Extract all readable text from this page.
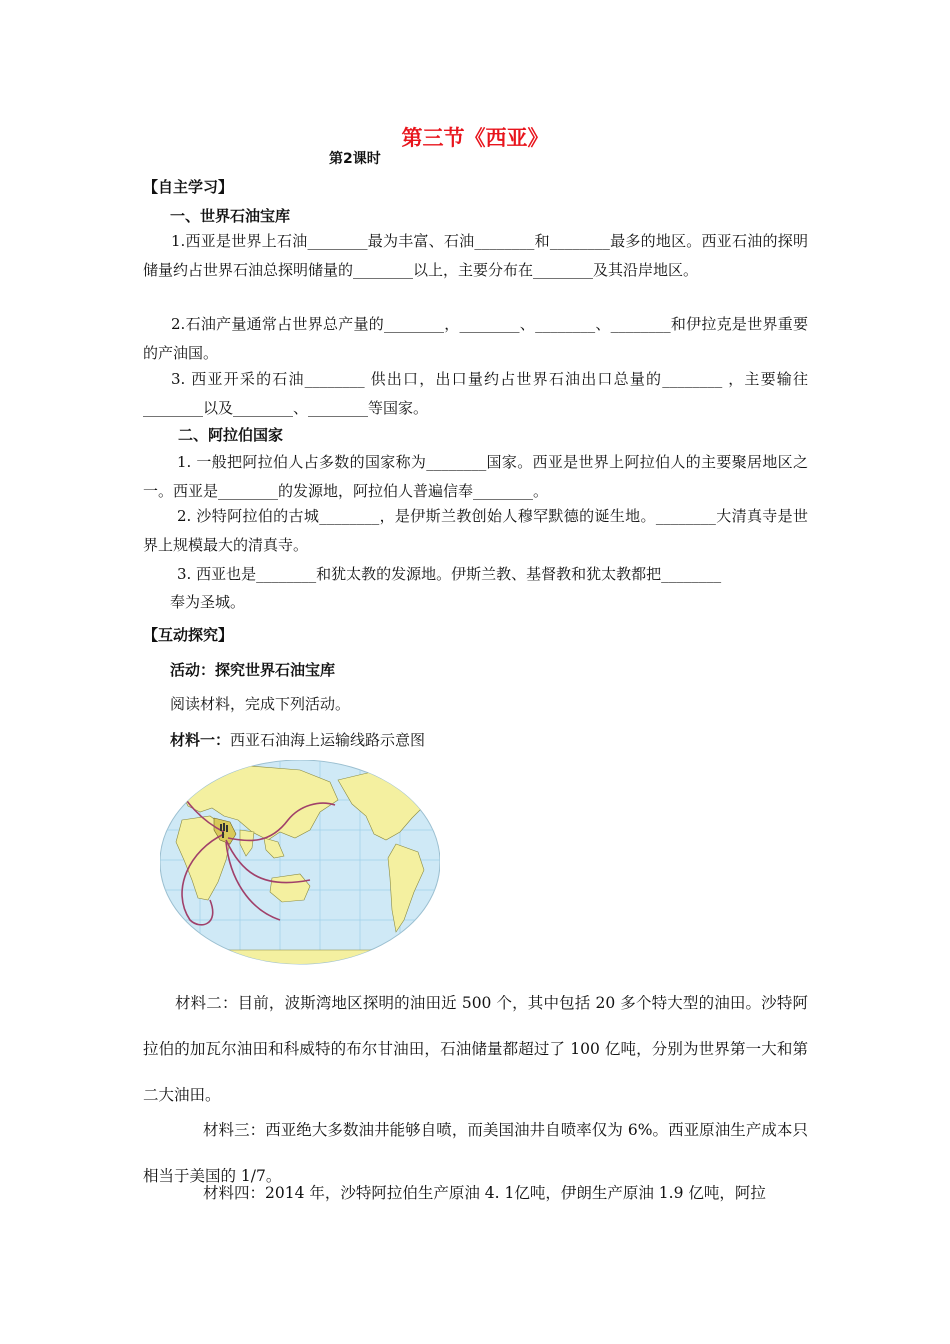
第三节《西亚》
第2课时
【自主学习】
一、世界石油宝库
1.西亚是世界上石油________最为丰富、石油________和________最多的地区。西亚石油的探明储量约占世界石油总探明储量的________以上，主要分布在________及其沿岸地区。
2.石油产量通常占世界总产量的________，________、________、________和伊拉克是世界重要的产油国。
3. 西亚开采的石油________ 供出口，出口量约占世界石油出口总量的________ ，主要输往________以及________、________等国家。
二、阿拉伯国家
1. 一般把阿拉伯人占多数的国家称为________国家。西亚是世界上阿拉伯人的主要聚居地区之一。西亚是________的发源地，阿拉伯人普遍信奉________。
2. 沙特阿拉伯的古城________，是伊斯兰教创始人穆罕默德的诞生地。________大清真寺是世界上规模最大的清真寺。
3. 西亚也是________和犹太教的发源地。伊斯兰教、基督教和犹太教都把________
奉为圣城。
【互动探究】
活动：探究世界石油宝库
阅读材料，完成下列活动。
材料一：西亚石油海上运输线路示意图
材料二：目前，波斯湾地区探明的油田近 500 个，其中包括 20 多个特大型的油田。沙特阿拉伯的加瓦尔油田和科威特的布尔甘油田，石油储量都超过了 100 亿吨，分别为世界第一大和第二大油田。
材料三：西亚绝大多数油井能够自喷，而美国油井自喷率仅为 6%。西亚原油生产成本只相当于美国的 1/7。
材料四：2014 年，沙特阿拉伯生产原油 4. 1亿吨，伊朗生产原油 1.9 亿吨，阿拉
